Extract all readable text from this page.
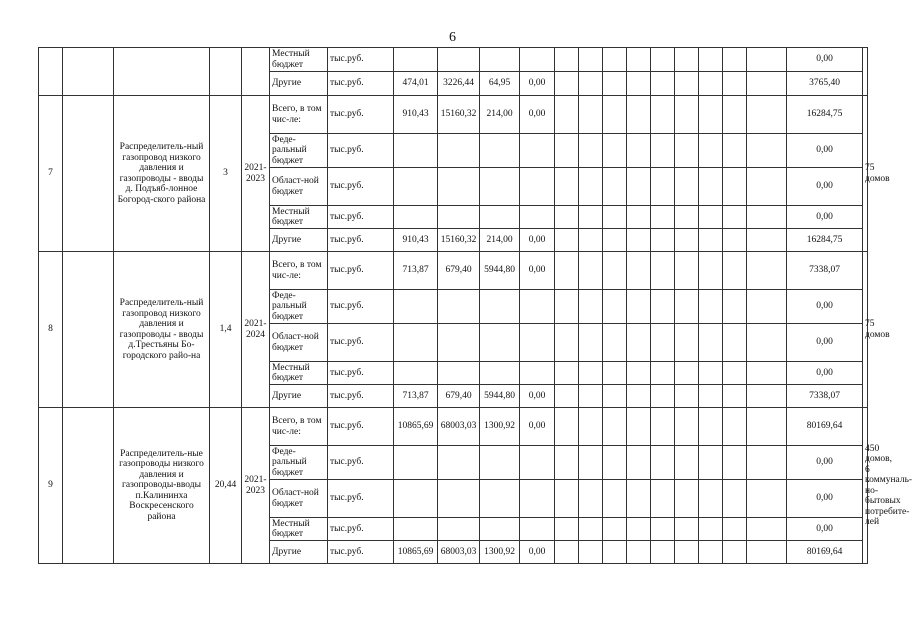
6
					Местный бюджет	тыс.руб.														0,00	
					Другие	тыс.руб.	474,01	3226,44	64,95	0,00										3765,40	
7		Распределитель-ный газопровод низкого давления и газопроводы - вводы д. Подъяб-лонное Богород-ского района	3	2021-2023	Всего, в том чис-ле:	тыс.руб.	910,43	15160,32	214,00	0,00										16284,75	75 домов
					Феде-ральный бюджет	тыс.руб.														0,00	
					Област-ной бюджет	тыс.руб.														0,00	
					Местный бюджет	тыс.руб.														0,00	
					Другие	тыс.руб.	910,43	15160,32	214,00	0,00										16284,75	
8		Распределитель-ный газопровод низкого давления и газопроводы - вводы д.Трестьяны Бо-городского райо-на	1,4	2021-2024	Всего, в том чис-ле:	тыс.руб.	713,87	679,40	5944,80	0,00										7338,07	75 домов
					Феде-ральный бюджет	тыс.руб.														0,00	
					Област-ной бюджет	тыс.руб.														0,00	
					Местный бюджет	тыс.руб.														0,00	
					Другие	тыс.руб.	713,87	679,40	5944,80	0,00										7338,07	
9		Распределитель-ные газопроводы низкого давления и газопроводы-вводы п.Калининха Воскресенского района	20,44	2021-2023	Всего, в том чис-ле:	тыс.руб.	10865,69	68003,03	1300,92	0,00										80169,64	450 домов, 6 коммуналь-но-бытовых потребите-лей
					Феде-ральный бюджет	тыс.руб.														0,00	
					Област-ной бюджет	тыс.руб.														0,00	
					Местный бюджет	тыс.руб.														0,00	
					Другие	тыс.руб.	10865,69	68003,03	1300,92	0,00										80169,64	
